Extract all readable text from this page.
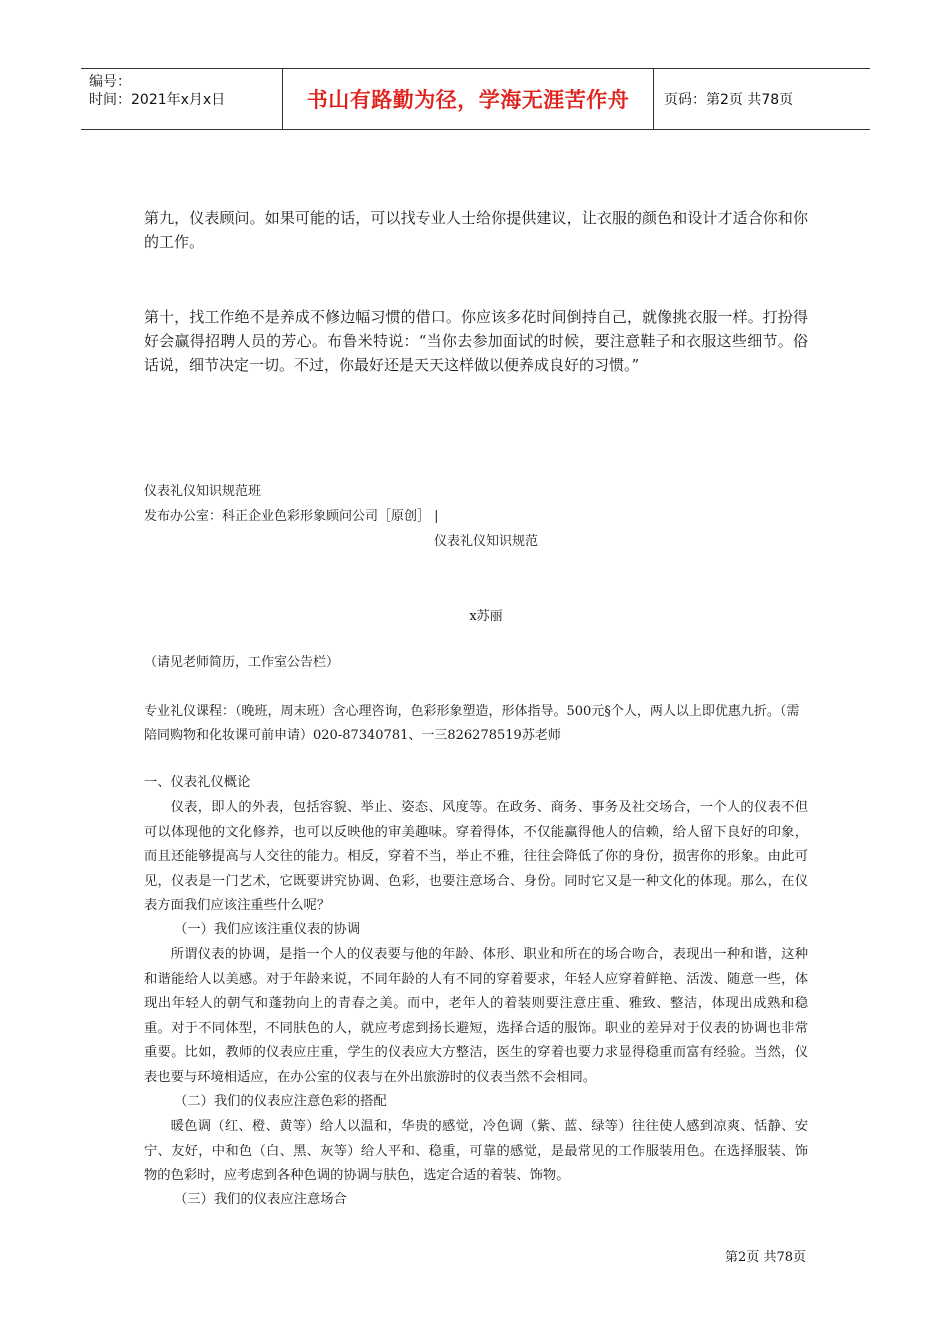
编号：
时间：2021年x月x日	书山有路勤为径，学海无涯苦作舟	页码：第2页 共78页
第九，仪表顾问。如果可能的话，可以找专业人士给你提供建议，让衣服的颜色和设计才适合你和你的工作。
第十，找工作绝不是养成不修边幅习惯的借口。你应该多花时间倒持自己，就像挑衣服一样。打扮得好会赢得招聘人员的芳心。布鲁米特说：“当你去参加面试的时候，要注意鞋子和衣服这些细节。俗话说，细节决定一切。不过，你最好还是天天这样做以便养成良好的习惯。”
仪表礼仪知识规范班
发布办公室：科正企业色彩形象顾问公司［原创］ |
仪表礼仪知识规范
x苏丽
（请见老师简历，工作室公告栏）
专业礼仪课程：（晚班，周末班）含心理咨询，色彩形象塑造，形体指导。500元§个人，两人以上即优惠九折。（需陪同购物和化妆课可前申请）020-87340781、一三826278519苏老师
一、仪表礼仪概论
仪表，即人的外表，包括容貌、举止、姿态、风度等。在政务、商务、事务及社交场合，一个人的仪表不但可以体现他的文化修养，也可以反映他的审美趣味。穿着得体，不仅能赢得他人的信赖，给人留下良好的印象，而且还能够提高与人交往的能力。相反，穿着不当，举止不雅，往往会降低了你的身份，损害你的形象。由此可见，仪表是一门艺术，它既要讲究协调、色彩，也要注意场合、身份。同时它又是一种文化的体现。那么，在仪表方面我们应该注重些什么呢？
（一）我们应该注重仪表的协调
所谓仪表的协调，是指一个人的仪表要与他的年龄、体形、职业和所在的场合吻合，表现出一种和谐，这种和谐能给人以美感。对于年龄来说，不同年龄的人有不同的穿着要求，年轻人应穿着鲜艳、活泼、随意一些，体现出年轻人的朝气和蓬勃向上的青春之美。而中，老年人的着装则要注意庄重、雅致、整洁，体现出成熟和稳重。对于不同体型，不同肤色的人，就应考虑到扬长避短，选择合适的服饰。职业的差异对于仪表的协调也非常重要。比如，教师的仪表应庄重，学生的仪表应大方整洁，医生的穿着也要力求显得稳重而富有经验。当然，仪表也要与环境相适应，在办公室的仪表与在外出旅游时的仪表当然不会相同。
（二）我们的仪表应注意色彩的搭配
暖色调（红、橙、黄等）给人以温和，华贵的感觉，冷色调（紫、蓝、绿等）往往使人感到凉爽、恬静、安宁、友好，中和色（白、黑、灰等）给人平和、稳重，可靠的感觉，是最常见的工作服装用色。在选择服装、饰物的色彩时，应考虑到各种色调的协调与肤色，选定合适的着装、饰物。
（三）我们的仪表应注意场合
第2页 共78页
